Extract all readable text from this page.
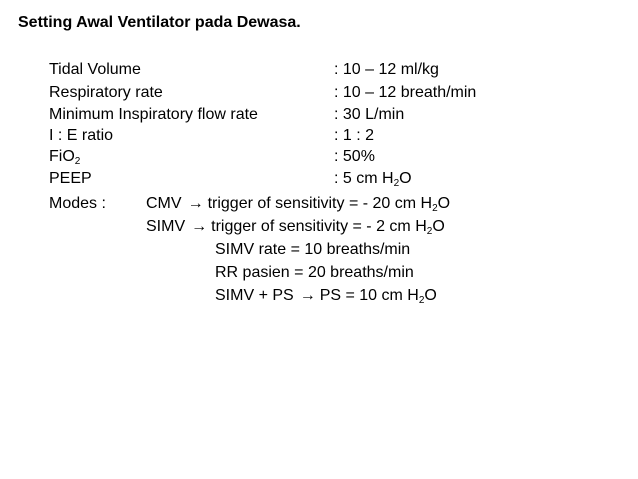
Setting Awal Ventilator pada Dewasa.
Tidal Volume	: 10 – 12 ml/kg
Respiratory rate	: 10 – 12 breath/min
Minimum Inspiratory flow rate	: 30 L/min
I : E ratio	: 1 : 2
FiO$_2$	: 50%
PEEP	: 5 cm $H_2O$
Modes :	CMV → trigger of sensitivity = - 20 cm $H_2O$
SIMV → trigger of sensitivity = - 2 cm $H_2O$
SIMV rate = 10 breaths/min
RR pasien = 20 breaths/min
SIMV + PS → PS = 10 cm $H_2O$
